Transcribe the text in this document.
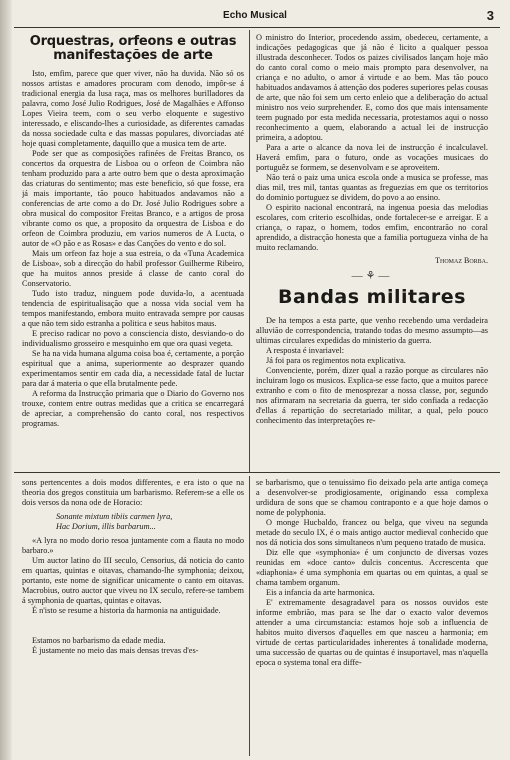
Echo Musical	3

Orquestras, orfeons e outras manifestações de arte

Isto, emfim, parece que quer viver, não ha duvida. Não só os nossos artistas e amadores procuram com denodo, impôr-se á tradicional energia da lusa raça, mas os melhores burilladores da palavra, como José Julio Rodrigues, José de Magalhães e Affonso Lopes Vieira teem, com o seu verbo eloquente e sugestivo interessado, e eliscando-lhes a curiosidade, as diferentes camadas da nossa sociedade culta e das massas populares, divorciadas até hoje quasi completamente, daquillo que a musica tem de arte.

Pode ser que as composições rafinées de Freitas Branco, os concertos da orquestra de Lisboa ou o orfeon de Coimbra não tenham produzido para a arte outro bem que o desta aproximação das criaturas do sentimento; mas este beneficio, só que fosse, era já mais importante, tão pouco habituados andavamos não a conferencias de arte como a do Dr. José Julio Rodrigues sobre a obra musical do compositor Freitas Branco, e a artigos de prosa vibrante como os que, a proposito da orquestra de Lisboa e do orfeon de Coimbra produziu, em varios numeros de A Lucta, o autor de «O pão e as Rosas» e das Canções do vento e do sol.

Mais um orfeon faz hoje a sua estreia, o da «Tuna Academica de Lisboa», sob a direcção do habil professor Guilherme Ribeiro, que ha muitos annos preside á classe de canto coral do Conservatorio.

Tudo isto traduz, ninguem pode duvida-lo, a acentuada tendencia de espiritualisação que a nossa vida social vem ha tempos manifestando, embora muito entravada sempre por causas a que não tem sido estranha a politica e seus habitos maus.

E preciso radicar no povo a consciencia disto, desviando-o do individualismo grosseiro e mesquinho em que ora quasi vegeta.

Se ha na vida humana alguma coisa boa é, certamente, a porção espiritual que a anima, superiormente ao desprazer quando experimentamos sentir em cada dia, a necessidade fatal de luctar para dar á materia o que ella brutalmente pede.

A reforma da Instrucção primaria que o Diario do Governo nos trouxe, contem entre outras medidas que a critica se encarregará de apreciar, a comprehensão do canto coral, nos respectivos programas.

O ministro do Interior, procedendo assim, obedeceu, certamente, a indicações pedagogicas que já não é licito a qualquer pessoa illustrada desconhecer. Todos os paizes civilisados lançam hoje mão do canto coral como o meio mais prompto para desenvolver, na criança e no adulto, o amor á virtude e ao bem. Mas tão pouco habituados andavamos á attenção dos poderes superiores pelas cousas de arte, que não foi sem um certo enleio que a deliberação do actual ministro nos veio surprehender. E, como dos que mais intensamente teem pugnado por esta medida necessaria, protestamos aqui o nosso reconhecimento a quem, elaborando a actual lei de instrucção primeira, a adoptou.

Para a arte o alcance da nova lei de instrucção é incalculavel. Haverá emfim, para o futuro, onde as vocações musicaes do portuguêz se formem, se desenvolvam e se aproveitem.

Não terá o paiz uma unica escola onde a musica se professe, mas dias mil, tres mil, tantas quantas as freguezias em que os territorios do dominio portuguez se dividem, do povo a ao ensino.

O espirito nacional encontrará, na ingenua poesia das melodias escolares, com criterio escolhidas, onde fortalecer-se e arreigar. E a criança, o rapaz, o homem, todos emfim, encontrarão no coral aprendido, a distracção honesta que a familia portugueza vinha de ha muito reclamando.

Thomaz Borba.

—⚘—

Bandas militares

De ha tempos a esta parte, que venho recebendo uma verdadeira alluvião de correspondencia, tratando todas do mesmo assumpto—as ultimas circulares expedidas do ministerio da guerra.

A resposta é invariavel:

Já foi para os regimentos nota explicativa.

Convenciente, porém, dizer qual a razão porque as circulares não incluiram logo os musicos. Explica-se esse facto, que a muitos parece extranho e com o fito de menosprezar a nossa classe, por, segundo nos afirmaram na secretaria da guerra, ter sido confiada a redacção d'ellas á repartição do secretariado militar, a qual, pelo pouco conhecimento das interpretações re-

sons pertencentes a dois modos differentes, e era isto o que na theoria dos gregos constituia um barbarismo. Referem-se a elle os dois versos da nona ode de Horacio:

Sonante mixtum tibiis carmen lyra,
Hac Dorium, illis barbarum...

«A lyra no modo dorio resoa juntamente com a flauta no modo barbaro.»

Um auctor latino do III seculo, Censorius, dá noticia do canto em quartas, quintas e oitavas, chamando-lhe symphonia; deixou, portanto, este nome de significar unicamente o canto em oitavas. Macrobius, outro auctor que viveu no IX seculo, refere-se tambem á symphonia de quartas, quintas e oitavas.

É n'isto se resume a historia da harmonia na antiguidade.

Estamos no barbarismo da edade media.

É justamente no meio das mais densas trevas d'es-

se barbarismo, que o tenuissimo fio deixado pela arte antiga começa a desenvolver-se prodigiosamente, originando essa complexa urdidura de sons que se chamou contraponto e a que hoje damos o nome de polyphonia.

O monge Hucbaldo, francez ou belga, que viveu na segunda metade do seculo IX, é o mais antigo auctor medieval conhecido que nos dá noticia dos sons simultaneos n'um pequeno tratado de musica.

Diz elle que «symphonia» é um conjuncto de diversas vozes reunidas em «doce canto» dulcis concentus. Accrescenta que «diaphonia» é uma symphonia em quartas ou em quintas, a qual se chama tambem organum.

Eis a infancia da arte harmonica.

E' extremamente desagradavel para os nossos ouvidos este informe embrião, mas para se lhe dar o exacto valor devemos attender a uma circumstancia: estamos hoje sob a influencia de habitos muito diversos d'aquelles em que nasceu a harmonia; em virtude de certas particularidades inherentes á tonalidade moderna, uma successão de quartas ou de quintas é insuportavel, mas n'aquella epoca o systema tonal era diffe-
